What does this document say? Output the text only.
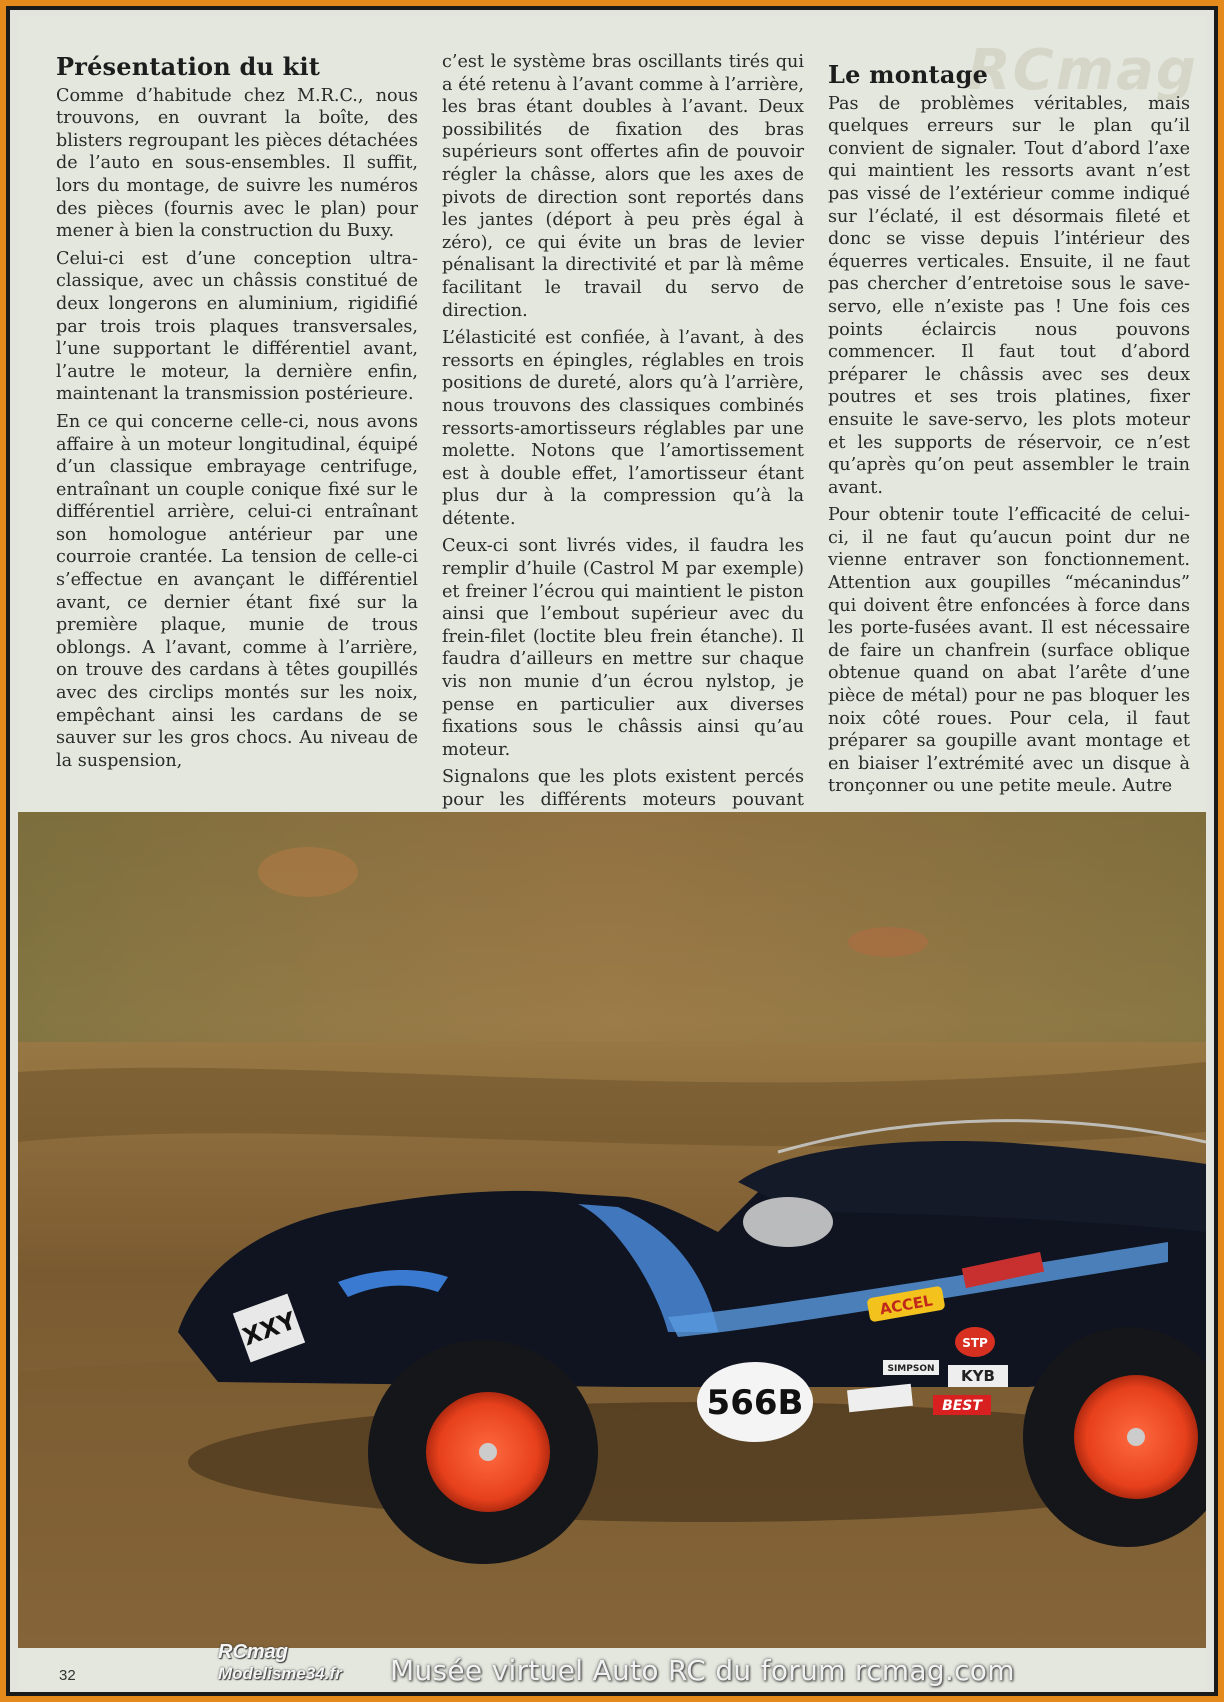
RCmag
Présentation du kit

Comme d’habitude chez M.R.C., nous trouvons, en ouvrant la boîte, des blisters regroupant les pièces détachées de l’auto en sous-ensembles. Il suffit, lors du montage, de suivre les numéros des pièces (fournis avec le plan) pour mener à bien la construction du Buxy.

Celui-ci est d’une conception ultra-classique, avec un châssis constitué de deux longerons en aluminium, rigidifié par trois trois plaques transversales, l’une supportant le différentiel avant, l’autre le moteur, la dernière enfin, maintenant la transmission postérieure.

En ce qui concerne celle-ci, nous avons affaire à un moteur longitudinal, équipé d’un classique embrayage centrifuge, entraînant un couple conique fixé sur le différentiel arrière, celui-ci entraînant son homologue antérieur par une courroie crantée. La tension de celle-ci s’effectue en avançant le différentiel avant, ce dernier étant fixé sur la première plaque, munie de trous oblongs. A l’avant, comme à l’arrière, on trouve des cardans à têtes goupillés avec des circlips montés sur les noix, empêchant ainsi les cardans de se sauver sur les gros chocs. Au niveau de la suspension,

c’est le système bras oscillants tirés qui a été retenu à l’avant comme à l’arrière, les bras étant doubles à l’avant. Deux possibilités de fixation des bras supérieurs sont offertes afin de pouvoir régler la châsse, alors que les axes de pivots de direction sont reportés dans les jantes (déport à peu près égal à zéro), ce qui évite un bras de levier pénalisant la directivité et par là même facilitant le travail du servo de direction.

L’élasticité est confiée, à l’avant, à des ressorts en épingles, réglables en trois positions de dureté, alors qu’à l’arrière, nous trouvons des classiques combinés ressorts-amortisseurs réglables par une molette. Notons que l’amortissement est à double effet, l’amortisseur étant plus dur à la compression qu’à la détente.

Ceux-ci sont livrés vides, il faudra les remplir d’huile (Castrol M par exemple) et freiner l’écrou qui maintient le piston ainsi que l’embout supérieur avec du frein-filet (loctite bleu frein étanche). Il faudra d’ailleurs en mettre sur chaque vis non munie d’un écrou nylstop, je pense en particulier aux diverses fixations sous le châssis ainsi qu’au moteur.

Signalons que les plots existent percés pour les différents moteurs pouvant

Le montage

Pas de problèmes véritables, mais quelques erreurs sur le plan qu’il convient de signaler. Tout d’abord l’axe qui maintient les ressorts avant n’est pas vissé de l’extérieur comme indiqué sur l’éclaté, il est désormais fileté et donc se visse depuis l’intérieur des équerres verticales. Ensuite, il ne faut pas chercher d’entretoise sous le save-servo, elle n’existe pas ! Une fois ces points éclaircis nous pouvons commencer. Il faut tout d’abord préparer le châssis avec ses deux poutres et ses trois platines, fixer ensuite le save-servo, les plots moteur et les supports de réservoir, ce n’est qu’après qu’on peut assembler le train avant.

Pour obtenir toute l’efficacité de celui-ci, il ne faut qu’aucun point dur ne vienne entraver son fonctionnement. Attention aux goupilles “mécanindus” qui doivent être enfoncées à force dans les porte-fusées avant. Il est nécessaire de faire un chanfrein (surface oblique obtenue quand on abat l’arête d’une pièce de métal) pour ne pas bloquer les noix côté roues. Pour cela, il faut préparer sa goupille avant montage et en biaiser l’extrémité avec un disque à tronçonner ou une petite meule. Autre

ACCEL
STP
SIMPSON KYB
BEST
XXY
566B
32
RCmag
Modelisme34.fr	Musée virtuel Auto RC du forum rcmag.com
